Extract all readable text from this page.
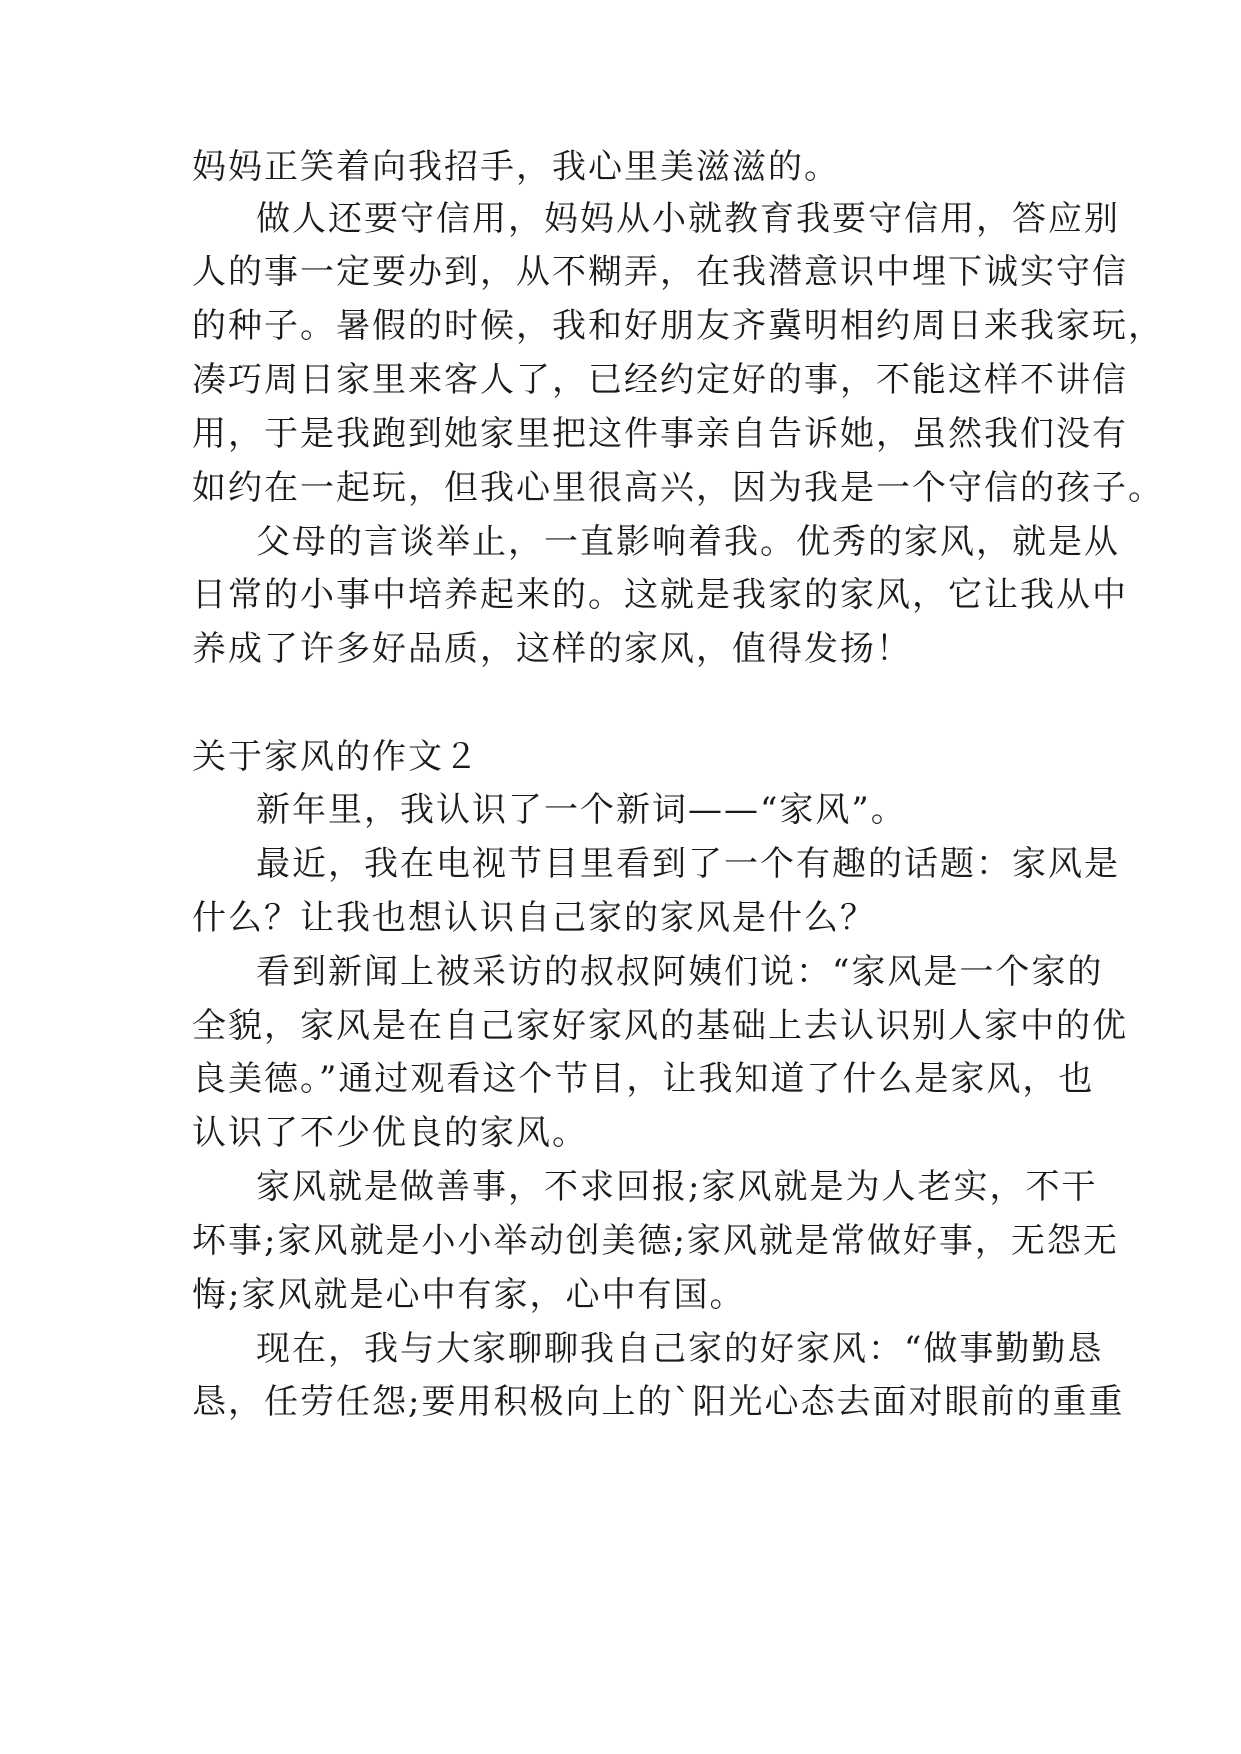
妈妈正笑着向我招手，我心里美滋滋的。
做人还要守信用，妈妈从小就教育我要守信用，答应别
人的事一定要办到，从不糊弄，在我潜意识中埋下诚实守信
的种子。暑假的时候，我和好朋友齐冀明相约周日来我家玩，
凑巧周日家里来客人了，已经约定好的事，不能这样不讲信
用，于是我跑到她家里把这件事亲自告诉她，虽然我们没有
如约在一起玩，但我心里很高兴，因为我是一个守信的孩子。
父母的言谈举止，一直影响着我。优秀的家风，就是从
日常的小事中培养起来的。这就是我家的家风，它让我从中
养成了许多好品质，这样的家风，值得发扬！
关于家风的作文２
新年里，我认识了一个新词——“家风”。
最近，我在电视节目里看到了一个有趣的话题：家风是
什么？让我也想认识自己家的家风是什么？
看到新闻上被采访的叔叔阿姨们说：“家风是一个家的
全貌，家风是在自己家好家风的基础上去认识别人家中的优
良美德。”通过观看这个节目，让我知道了什么是家风，也
认识了不少优良的家风。
家风就是做善事，不求回报;家风就是为人老实，不干
坏事;家风就是小小举动创美德;家风就是常做好事，无怨无
悔;家风就是心中有家，心中有国。
现在，我与大家聊聊我自己家的好家风：“做事勤勤恳
恳，任劳任怨;要用积极向上的`阳光心态去面对眼前的重重
